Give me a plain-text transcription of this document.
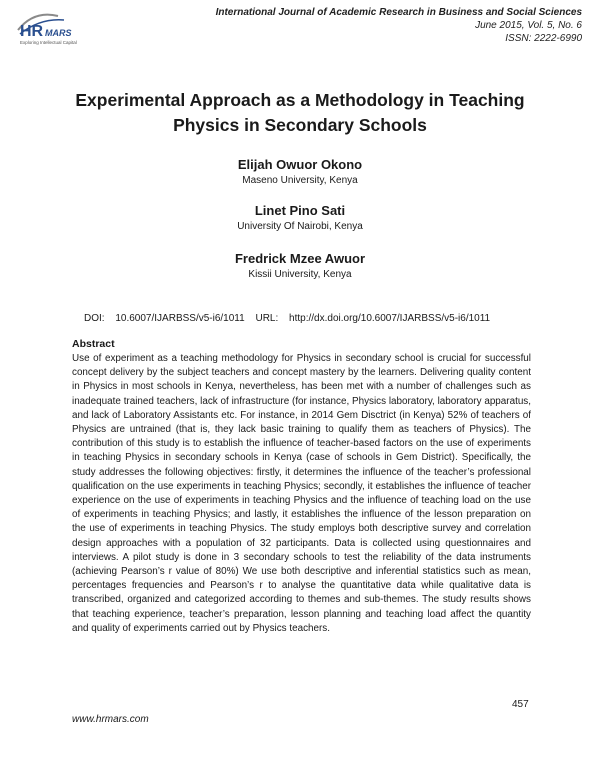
HR MARS
Exploring Intellectual Capital
International Journal of Academic Research in Business and Social Sciences
June 2015, Vol. 5, No. 6
ISSN: 2222-6990
Experimental Approach as a Methodology in Teaching Physics in Secondary Schools
Elijah Owuor Okono
Maseno University, Kenya
Linet Pino Sati
University Of Nairobi, Kenya
Fredrick Mzee Awuor
Kissii University, Kenya
DOI: 10.6007/IJARBSS/v5-i6/1011 URL: http://dx.doi.org/10.6007/IJARBSS/v5-i6/1011
Abstract
Use of experiment as a teaching methodology for Physics in secondary school is crucial for successful concept delivery by the subject teachers and concept mastery by the learners. Delivering quality content in Physics in most schools in Kenya, nevertheless, has been met with a number of challenges such as inadequate trained teachers, lack of infrastructure (for instance, Physics laboratory, laboratory apparatus, and lack of Laboratory Assistants etc. For instance, in 2014 Gem Disctrict (in Kenya) 52% of teachers of Physics are untrained (that is, they lack basic training to qualify them as teachers of Physics). The contribution of this study is to establish the influence of teacher-based factors on the use of experiments in teaching Physics in secondary schools in Kenya (case of schools in Gem District). Specifically, the study addresses the following objectives: firstly, it determines the influence of the teacher’s professional qualification on the use experiments in teaching Physics; secondly, it establishes the influence of teacher experience on the use of experiments in teaching Physics and the influence of teaching load on the use of experiments in teaching Physics; and lastly, it establishes the influence of the lesson preparation on the use of experiments in teaching Physics. The study employs both descriptive survey and correlation design approaches with a population of 32 participants. Data is collected using questionnaires and interviews. A pilot study is done in 3 secondary schools to test the reliability of the data instruments (achieving Pearson’s r value of 80%) We use both descriptive and inferential statistics such as mean, percentages frequencies and Pearson’s r to analyse the quantitative data while qualitative data is transcribed, organized and categorized according to themes and sub-themes. The study results shows that teaching experience, teacher’s preparation, lesson planning and teaching load affect the quantity and quality of experiments carried out by Physics teachers.
457
www.hrmars.com
